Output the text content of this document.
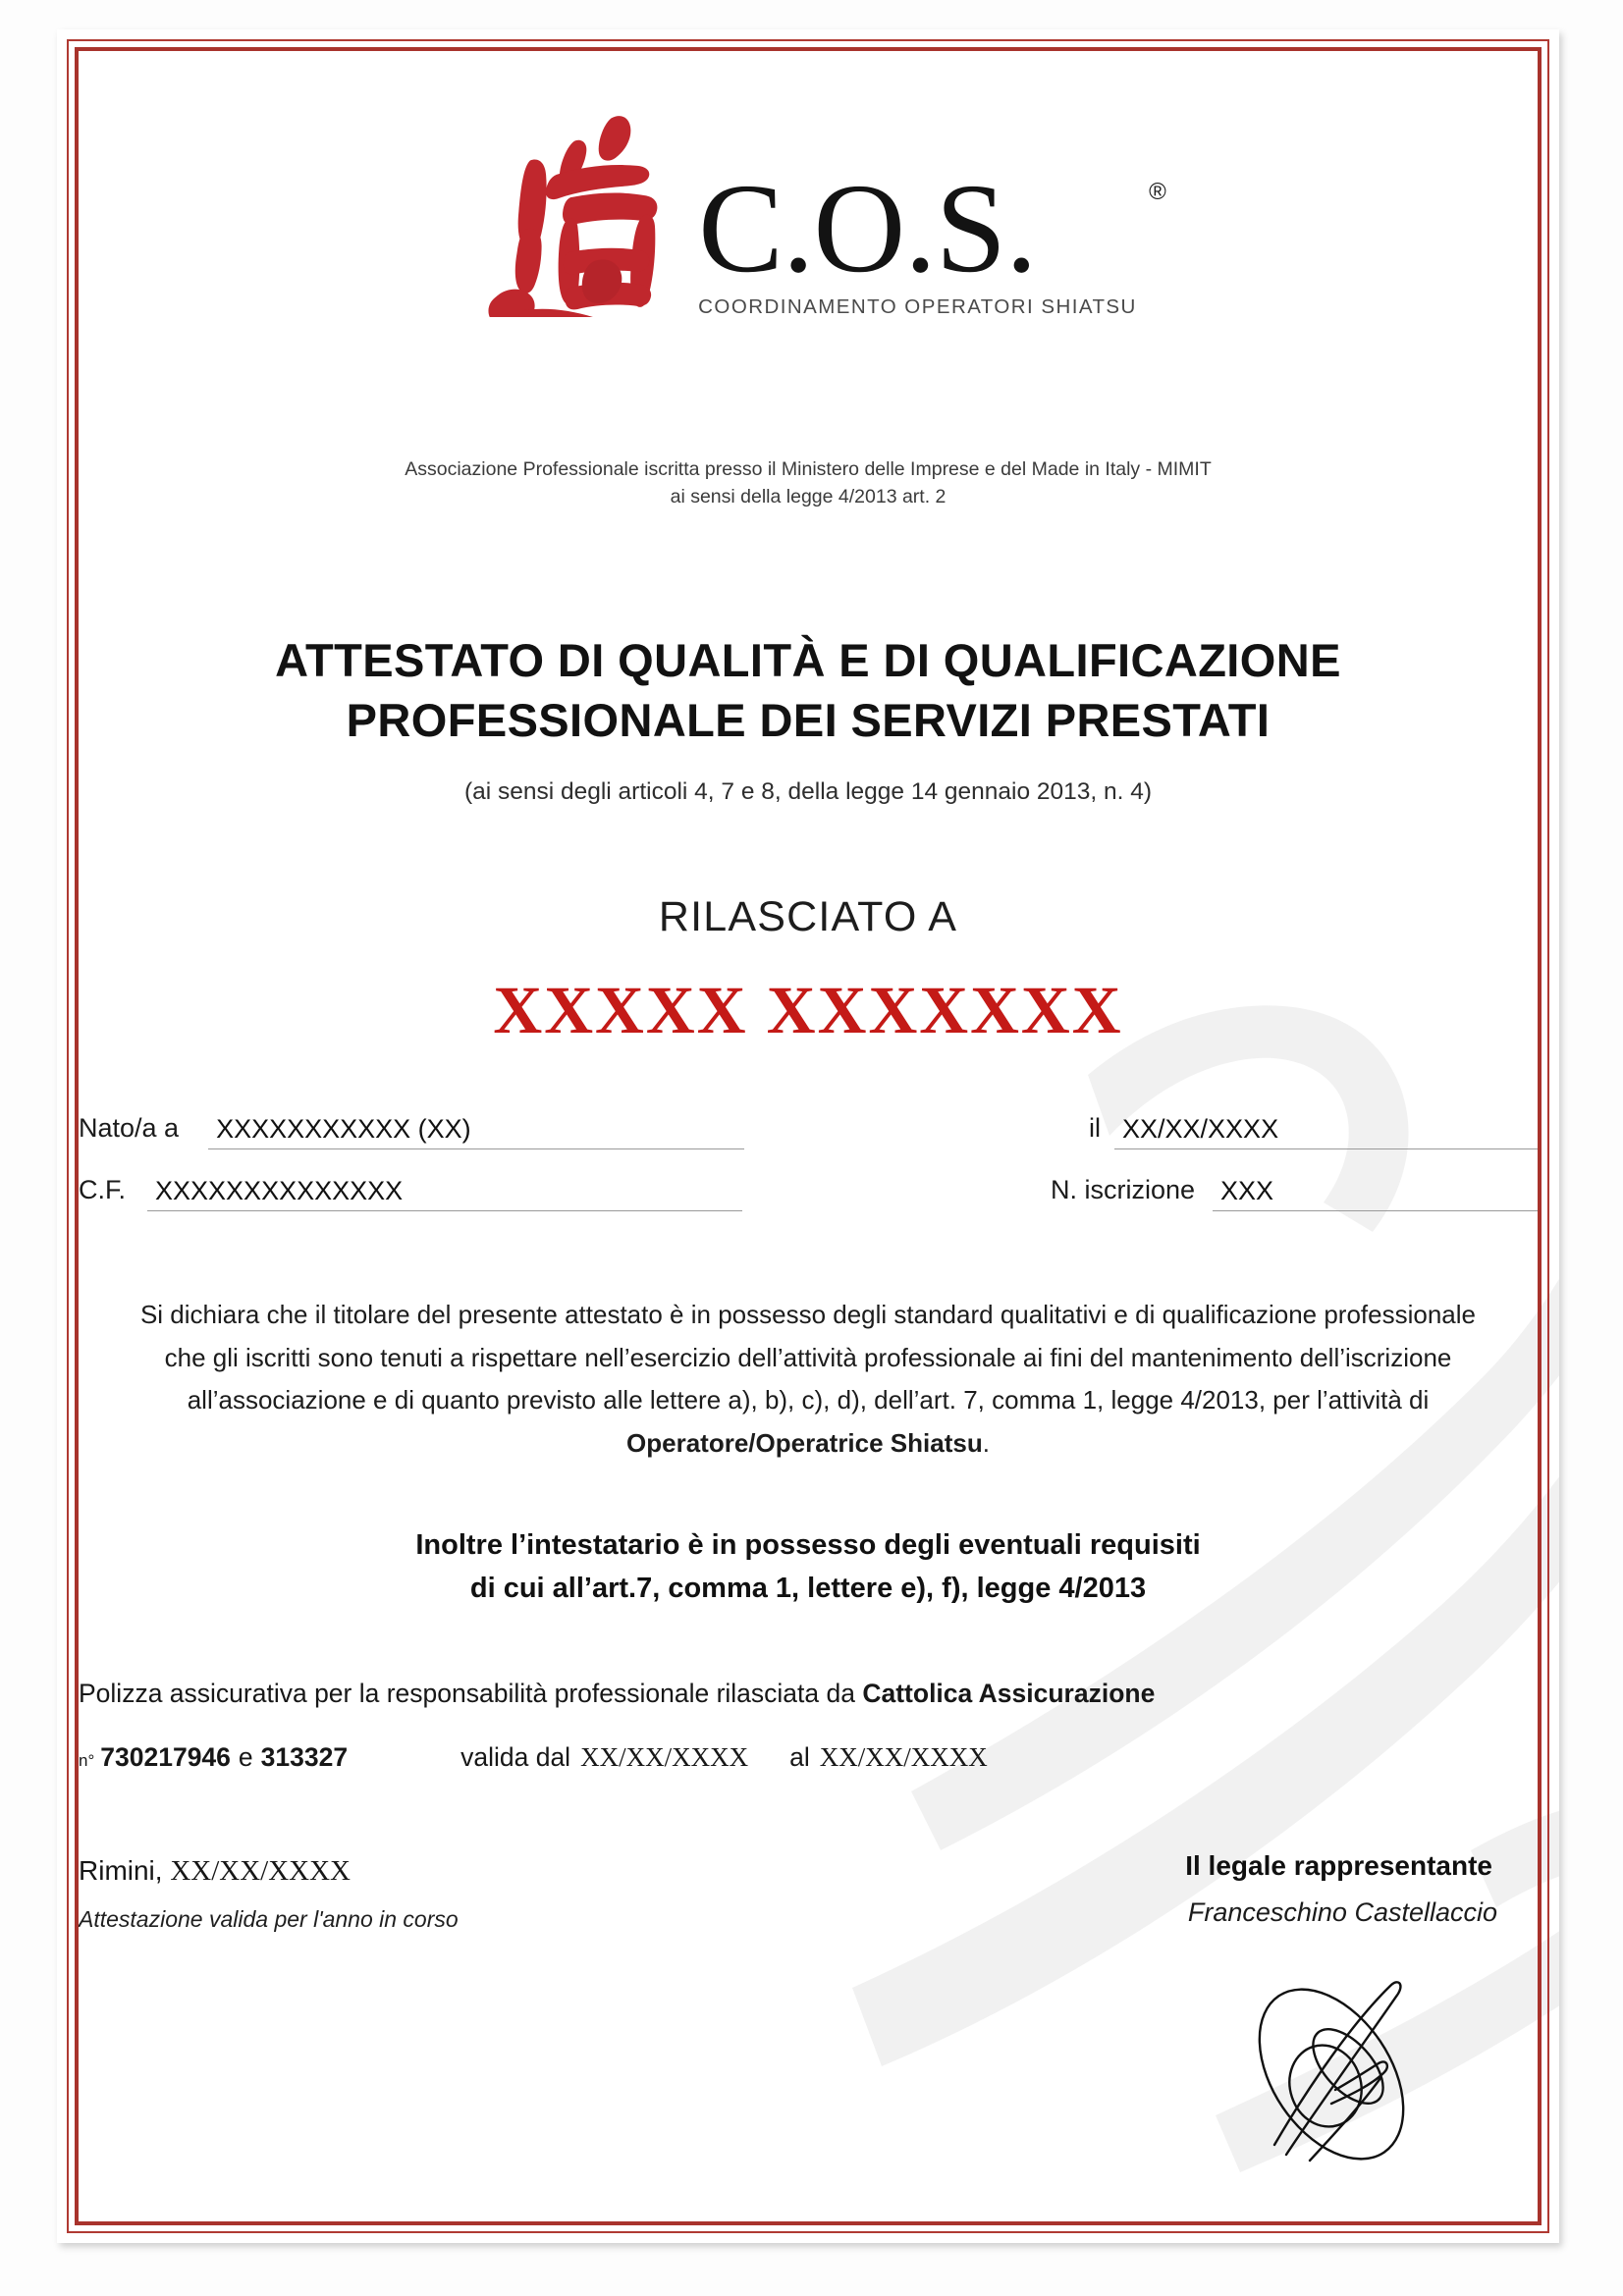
C.O.S.	®
COORDINAMENTO OPERATORI SHIATSU
Associazione Professionale iscritta presso il Ministero delle Imprese e del Made in Italy - MIMIT
ai sensi della legge 4/2013 art. 2
ATTESTATO DI QUALITÀ E DI QUALIFICAZIONE
PROFESSIONALE DEI SERVIZI PRESTATI
(ai sensi degli articoli 4, 7 e 8, della legge 14 gennaio 2013, n. 4)
RILASCIATO A
XXXXX XXXXXXX
Nato/a a XXXXXXXXXXX (XX)	il XX/XX/XXXX
C.F. XXXXXXXXXXXXXX	N. iscrizione XXX
Si dichiara che il titolare del presente attestato è in possesso degli standard qualitativi e di qualificazione professionale che gli iscritti sono tenuti a rispettare nell’esercizio dell’attività professionale ai fini del mantenimento dell’iscrizione all’associazione e di quanto previsto alle lettere a), b), c), d), dell’art. 7, comma 1, legge 4/2013, per l’attività di Operatore/Operatrice Shiatsu.
Inoltre l’intestatario è in possesso degli eventuali requisiti
di cui all’art.7, comma 1, lettere e), f), legge 4/2013
Polizza assicurativa per la responsabilità professionale rilasciata da Cattolica Assicurazione
n° 730217946 e 313327	valida dal XX/XX/XXXX al XX/XX/XXXX
Rimini, XX/XX/XXXX
Attestazione valida per l'anno in corso
Il legale rappresentante
Franceschino Castellaccio
